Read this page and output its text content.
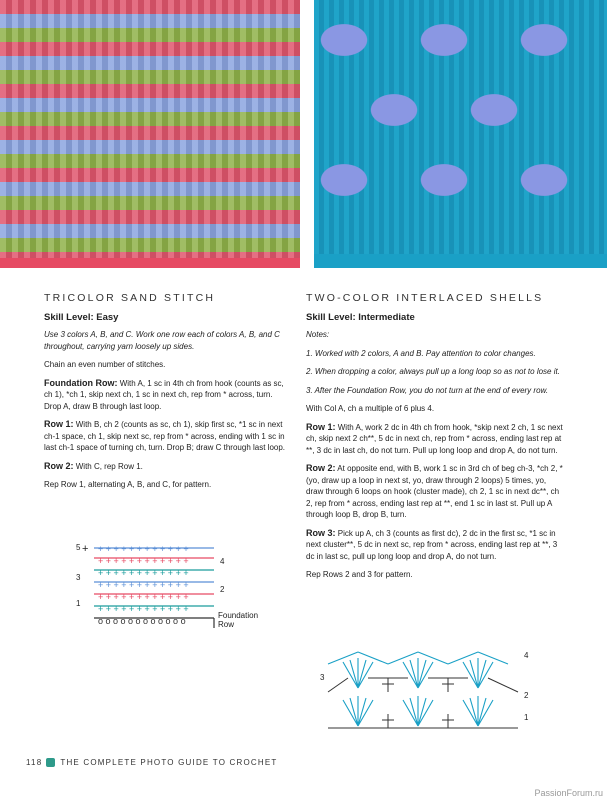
TRICOLOR SAND STITCH
Skill Level: Easy

Use 3 colors A, B, and C. Work one row each of colors A, B, and C throughout, carrying yarn loosely up sides.

Chain an even number of stitches.

Foundation Row: With A, 1 sc in 4th ch from hook (counts as sc, ch 1), *ch 1, skip next ch, 1 sc in next ch, rep from * across, turn. Drop A, draw B through last loop.

Row 1: With B, ch 2 (counts as sc, ch 1), skip first sc, *1 sc in next ch-1 space, ch 1, skip next sc, rep from * across, ending with 1 sc in last ch-1 space of turning ch, turn. Drop B; draw C through last loop.

Row 2: With C, rep Row 1.

Rep Row 1, alternating A, B, and C, for pattern.

+ + + + + + + + + + + + +
+ + + + + + + + + + + +
+ + + + + + + + + + + +
+ + + + + + + + + + + +
+ + + + + + + + + + + +
+ + + + + + + + + + + +
o o o o o o o o o o o o
5
3
1
4
2
Foundation
Row
TWO-COLOR INTERLACED SHELLS
Skill Level: Intermediate

Notes:

1. Worked with 2 colors, A and B. Pay attention to color changes.

2. When dropping a color, always pull up a long loop so as not to lose it.

3. After the Foundation Row, you do not turn at the end of every row.

With Col A, ch a multiple of 6 plus 4.

Row 1: With A, work 2 dc in 4th ch from hook, *skip next 2 ch, 1 sc next ch, skip next 2 ch**, 5 dc in next ch, rep from * across, ending last rep at **, 3 dc in last ch, do not turn. Pull up long loop and drop A, do not turn.

Row 2: At opposite end, with B, work 1 sc in 3rd ch of beg ch-3, *ch 2, *(yo, draw up a loop in next st, yo, draw through 2 loops) 5 times, yo, draw through 6 loops on hook (cluster made), ch 2, 1 sc in next dc**, ch 2, rep from * across, ending last rep at **, end 1 sc in last st. Pull up A through loop B, drop B, turn.

Row 3: Pick up A, ch 3 (counts as first dc), 2 dc in the first sc, *1 sc in next cluster**, 5 dc in next sc, rep from * across, ending last rep at **, 3 dc in last sc, pull up long loop and drop A, do not turn.

Rep Rows 2 and 3 for pattern.

4
2
1
3
118 THE COMPLETE PHOTO GUIDE TO CROCHET
PassionForum.ru
